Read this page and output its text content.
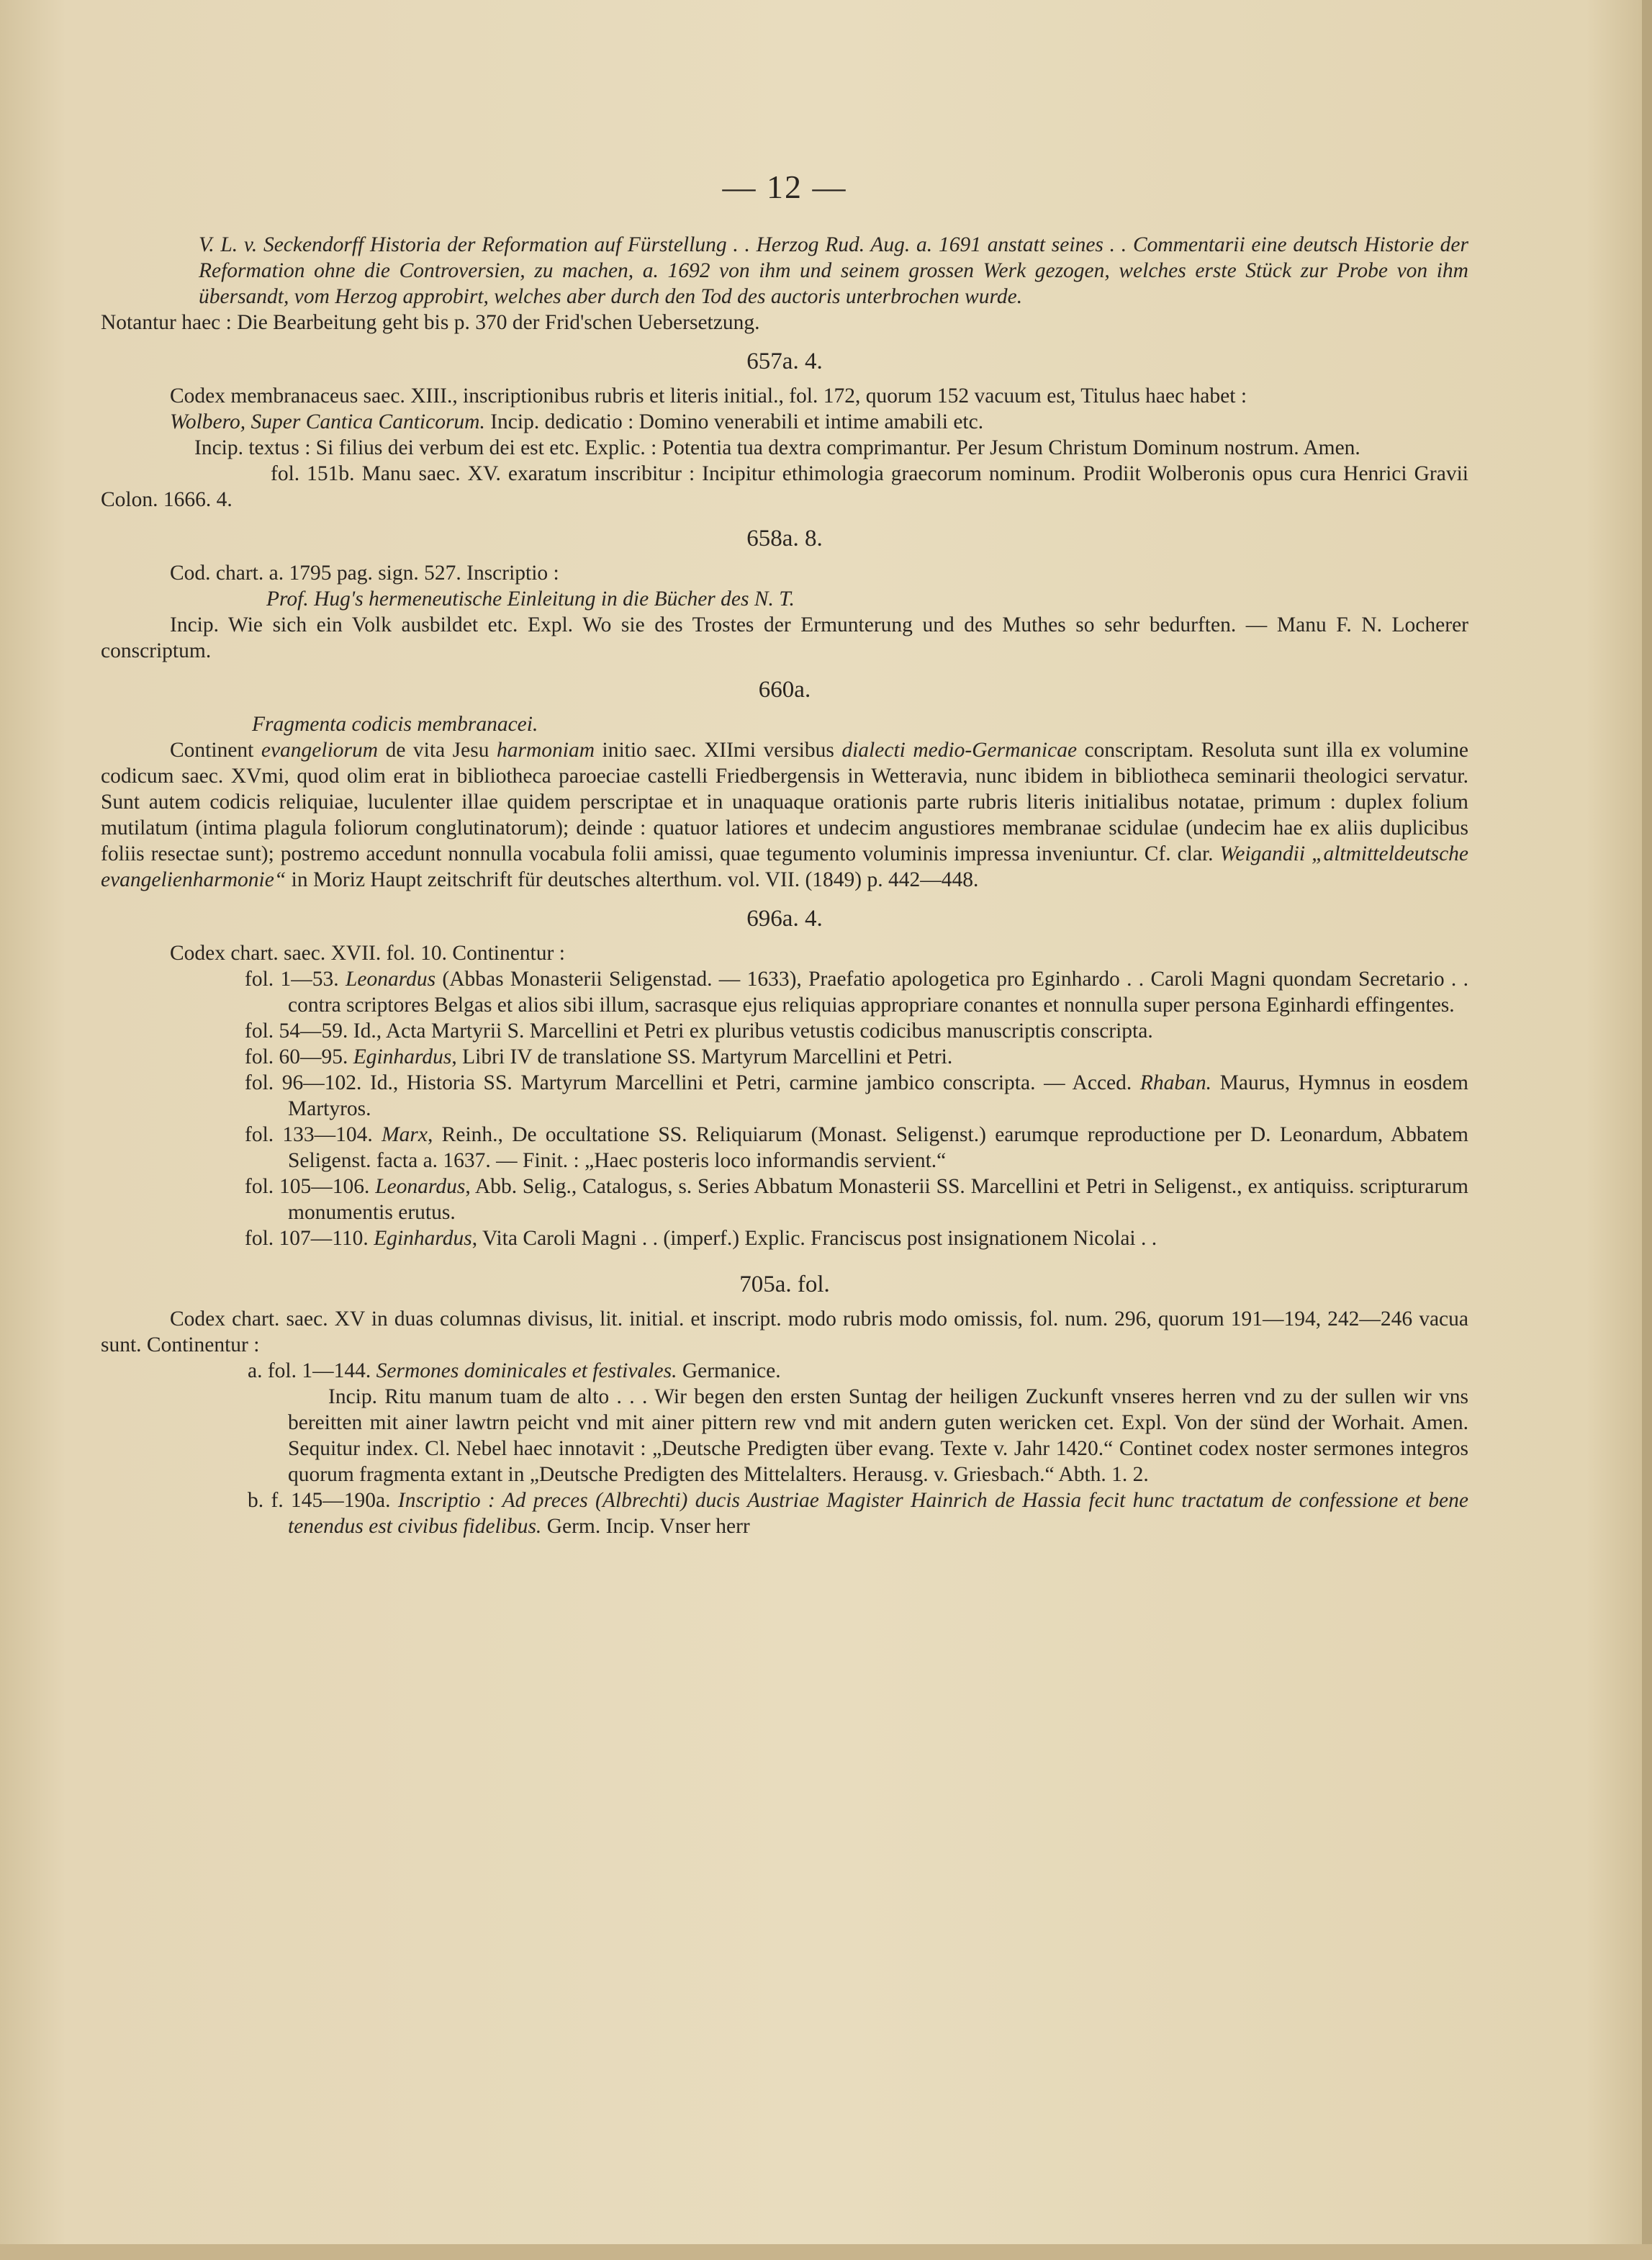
— 12 —

V. L. v. Seckendorff Historia der Reformation auf Fürstellung . . Herzog Rud. Aug. a. 1691 anstatt seines . . Commentarii eine deutsch Historie der Reformation ohne die Controversien, zu machen, a. 1692 von ihm und seinem grossen Werk gezogen, welches erste Stück zur Probe von ihm übersandt, vom Herzog approbirt, welches aber durch den Tod des auctoris unterbrochen wurde.

Notantur haec : Die Bearbeitung geht bis p. 370 der Frid'schen Uebersetzung.

657a. 4.

Codex membranaceus saec. XIII., inscriptionibus rubris et literis initial., fol. 172, quorum 152 vacuum est, Titulus haec habet :

Wolbero, Super Cantica Canticorum. Incip. dedicatio : Domino venerabili et intime amabili etc.

Incip. textus : Si filius dei verbum dei est etc. Explic. : Potentia tua dextra comprimantur. Per Jesum Christum Dominum nostrum. Amen.

fol. 151b. Manu saec. XV. exaratum inscribitur : Incipitur ethimologia graecorum nominum. Prodiit Wolberonis opus cura Henrici Gravii Colon. 1666. 4.

658a. 8.

Cod. chart. a. 1795 pag. sign. 527. Inscriptio :

Prof. Hug's hermeneutische Einleitung in die Bücher des N. T.

Incip. Wie sich ein Volk ausbildet etc. Expl. Wo sie des Trostes der Ermunterung und des Muthes so sehr bedurften. — Manu F. N. Locherer conscriptum.

660a.

Fragmenta codicis membranacei.

Continent evangeliorum de vita Jesu harmoniam initio saec. XIImi versibus dialecti medio-Germanicae conscriptam. Resoluta sunt illa ex volumine codicum saec. XVmi, quod olim erat in bibliotheca paroeciae castelli Friedbergensis in Wetteravia, nunc ibidem in bibliotheca seminarii theologici servatur. Sunt autem codicis reliquiae, luculenter illae quidem perscriptae et in unaquaque orationis parte rubris literis initialibus notatae, primum : duplex folium mutilatum (intima plagula foliorum conglutinatorum); deinde : quatuor latiores et undecim angustiores membranae scidulae (undecim hae ex aliis duplicibus foliis resectae sunt); postremo accedunt nonnulla vocabula folii amissi, quae tegumento voluminis impressa inveniuntur. Cf. clar. Weigandii „altmitteldeutsche evangelienharmonie“ in Moriz Haupt zeitschrift für deutsches alterthum. vol. VII. (1849) p. 442—448.

696a. 4.

Codex chart. saec. XVII. fol. 10. Continentur :

fol. 1—53. Leonardus (Abbas Monasterii Seligenstad. — 1633), Praefatio apologetica pro Eginhardo . . Caroli Magni quondam Secretario . . contra scriptores Belgas et alios sibi illum, sacrasque ejus reliquias appropriare conantes et nonnulla super persona Eginhardi effingentes.

fol. 54—59. Id., Acta Martyrii S. Marcellini et Petri ex pluribus vetustis codicibus manuscriptis conscripta.

fol. 60—95. Eginhardus, Libri IV de translatione SS. Martyrum Marcellini et Petri.

fol. 96—102. Id., Historia SS. Martyrum Marcellini et Petri, carmine jambico conscripta. — Acced. Rhaban. Maurus, Hymnus in eosdem Martyros.

fol. 133—104. Marx, Reinh., De occultatione SS. Reliquiarum (Monast. Seligenst.) earumque reproductione per D. Leonardum, Abbatem Seligenst. facta a. 1637. — Finit. : „Haec posteris loco informandis servient.“

fol. 105—106. Leonardus, Abb. Selig., Catalogus, s. Series Abbatum Monasterii SS. Marcellini et Petri in Seligenst., ex antiquiss. scripturarum monumentis erutus.

fol. 107—110. Eginhardus, Vita Caroli Magni . . (imperf.) Explic. Franciscus post insignationem Nicolai . .

705a. fol.

Codex chart. saec. XV in duas columnas divisus, lit. initial. et inscript. modo rubris modo omissis, fol. num. 296, quorum 191—194, 242—246 vacua sunt. Continentur :

a. fol. 1—144. Sermones dominicales et festivales. Germanice.

Incip. Ritu manum tuam de alto . . . Wir begen den ersten Suntag der heiligen Zuckunft vnseres herren vnd zu der sullen wir vns bereitten mit ainer lawtrn peicht vnd mit ainer pittern rew vnd mit andern guten wericken cet. Expl. Von der sünd der Worhait. Amen. Sequitur index. Cl. Nebel haec innotavit : „Deutsche Predigten über evang. Texte v. Jahr 1420.“ Continet codex noster sermones integros quorum fragmenta extant in „Deutsche Predigten des Mittelalters. Herausg. v. Griesbach.“ Abth. 1. 2.

b. f. 145—190a. Inscriptio : Ad preces (Albrechti) ducis Austriae Magister Hainrich de Hassia fecit hunc tractatum de confessione et bene tenendus est civibus fidelibus. Germ. Incip. Vnser herr
